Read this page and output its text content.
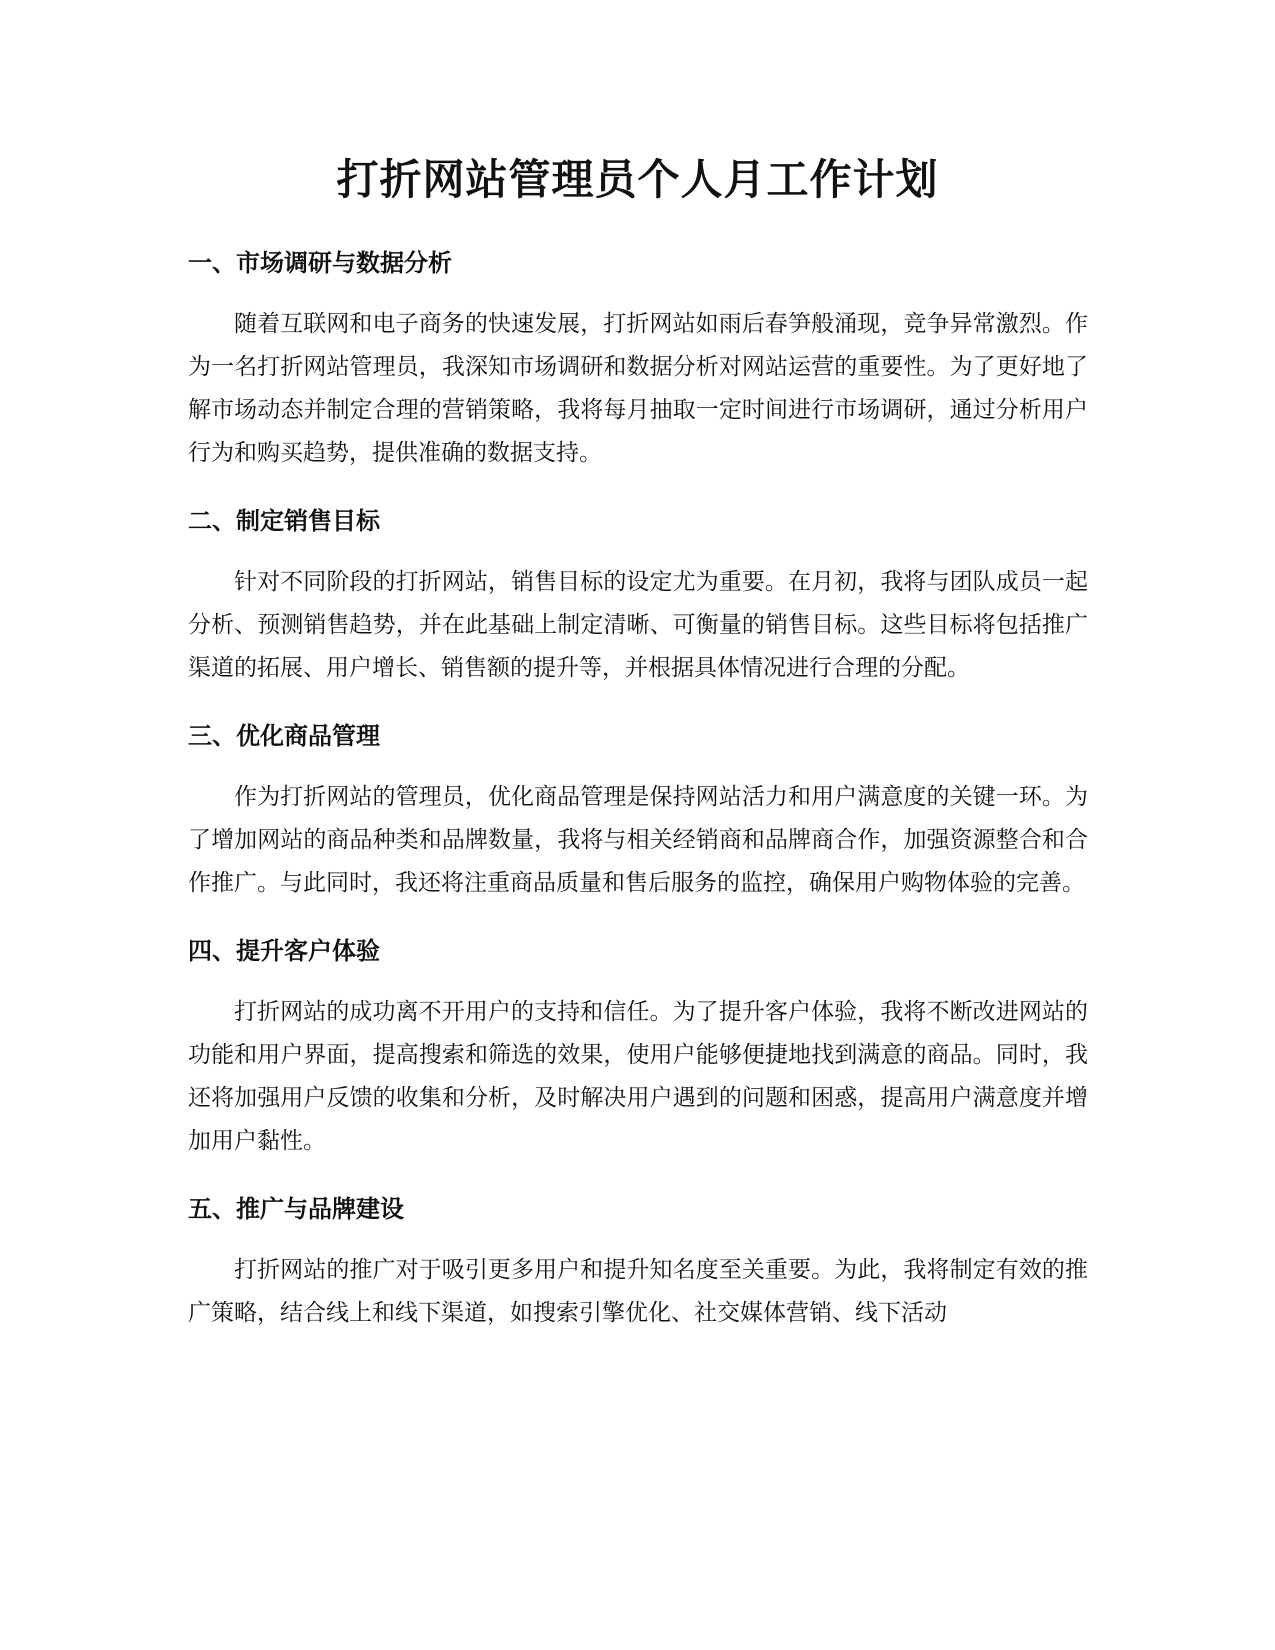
打折网站管理员个人月工作计划
一、市场调研与数据分析

随着互联网和电子商务的快速发展，打折网站如雨后春笋般涌现，竞争异常激烈。作为一名打折网站管理员，我深知市场调研和数据分析对网站运营的重要性。为了更好地了解市场动态并制定合理的营销策略，我将每月抽取一定时间进行市场调研，通过分析用户行为和购买趋势，提供准确的数据支持。

二、制定销售目标

针对不同阶段的打折网站，销售目标的设定尤为重要。在月初，我将与团队成员一起分析、预测销售趋势，并在此基础上制定清晰、可衡量的销售目标。这些目标将包括推广渠道的拓展、用户增长、销售额的提升等，并根据具体情况进行合理的分配。

三、优化商品管理

作为打折网站的管理员，优化商品管理是保持网站活力和用户满意度的关键一环。为了增加网站的商品种类和品牌数量，我将与相关经销商和品牌商合作，加强资源整合和合作推广。与此同时，我还将注重商品质量和售后服务的监控，确保用户购物体验的完善。

四、提升客户体验

打折网站的成功离不开用户的支持和信任。为了提升客户体验，我将不断改进网站的功能和用户界面，提高搜索和筛选的效果，使用户能够便捷地找到满意的商品。同时，我还将加强用户反馈的收集和分析，及时解决用户遇到的问题和困惑，提高用户满意度并增加用户黏性。

五、推广与品牌建设

打折网站的推广对于吸引更多用户和提升知名度至关重要。为此，我将制定有效的推广策略，结合线上和线下渠道，如搜索引擎优化、社交媒体营销、线下活动
